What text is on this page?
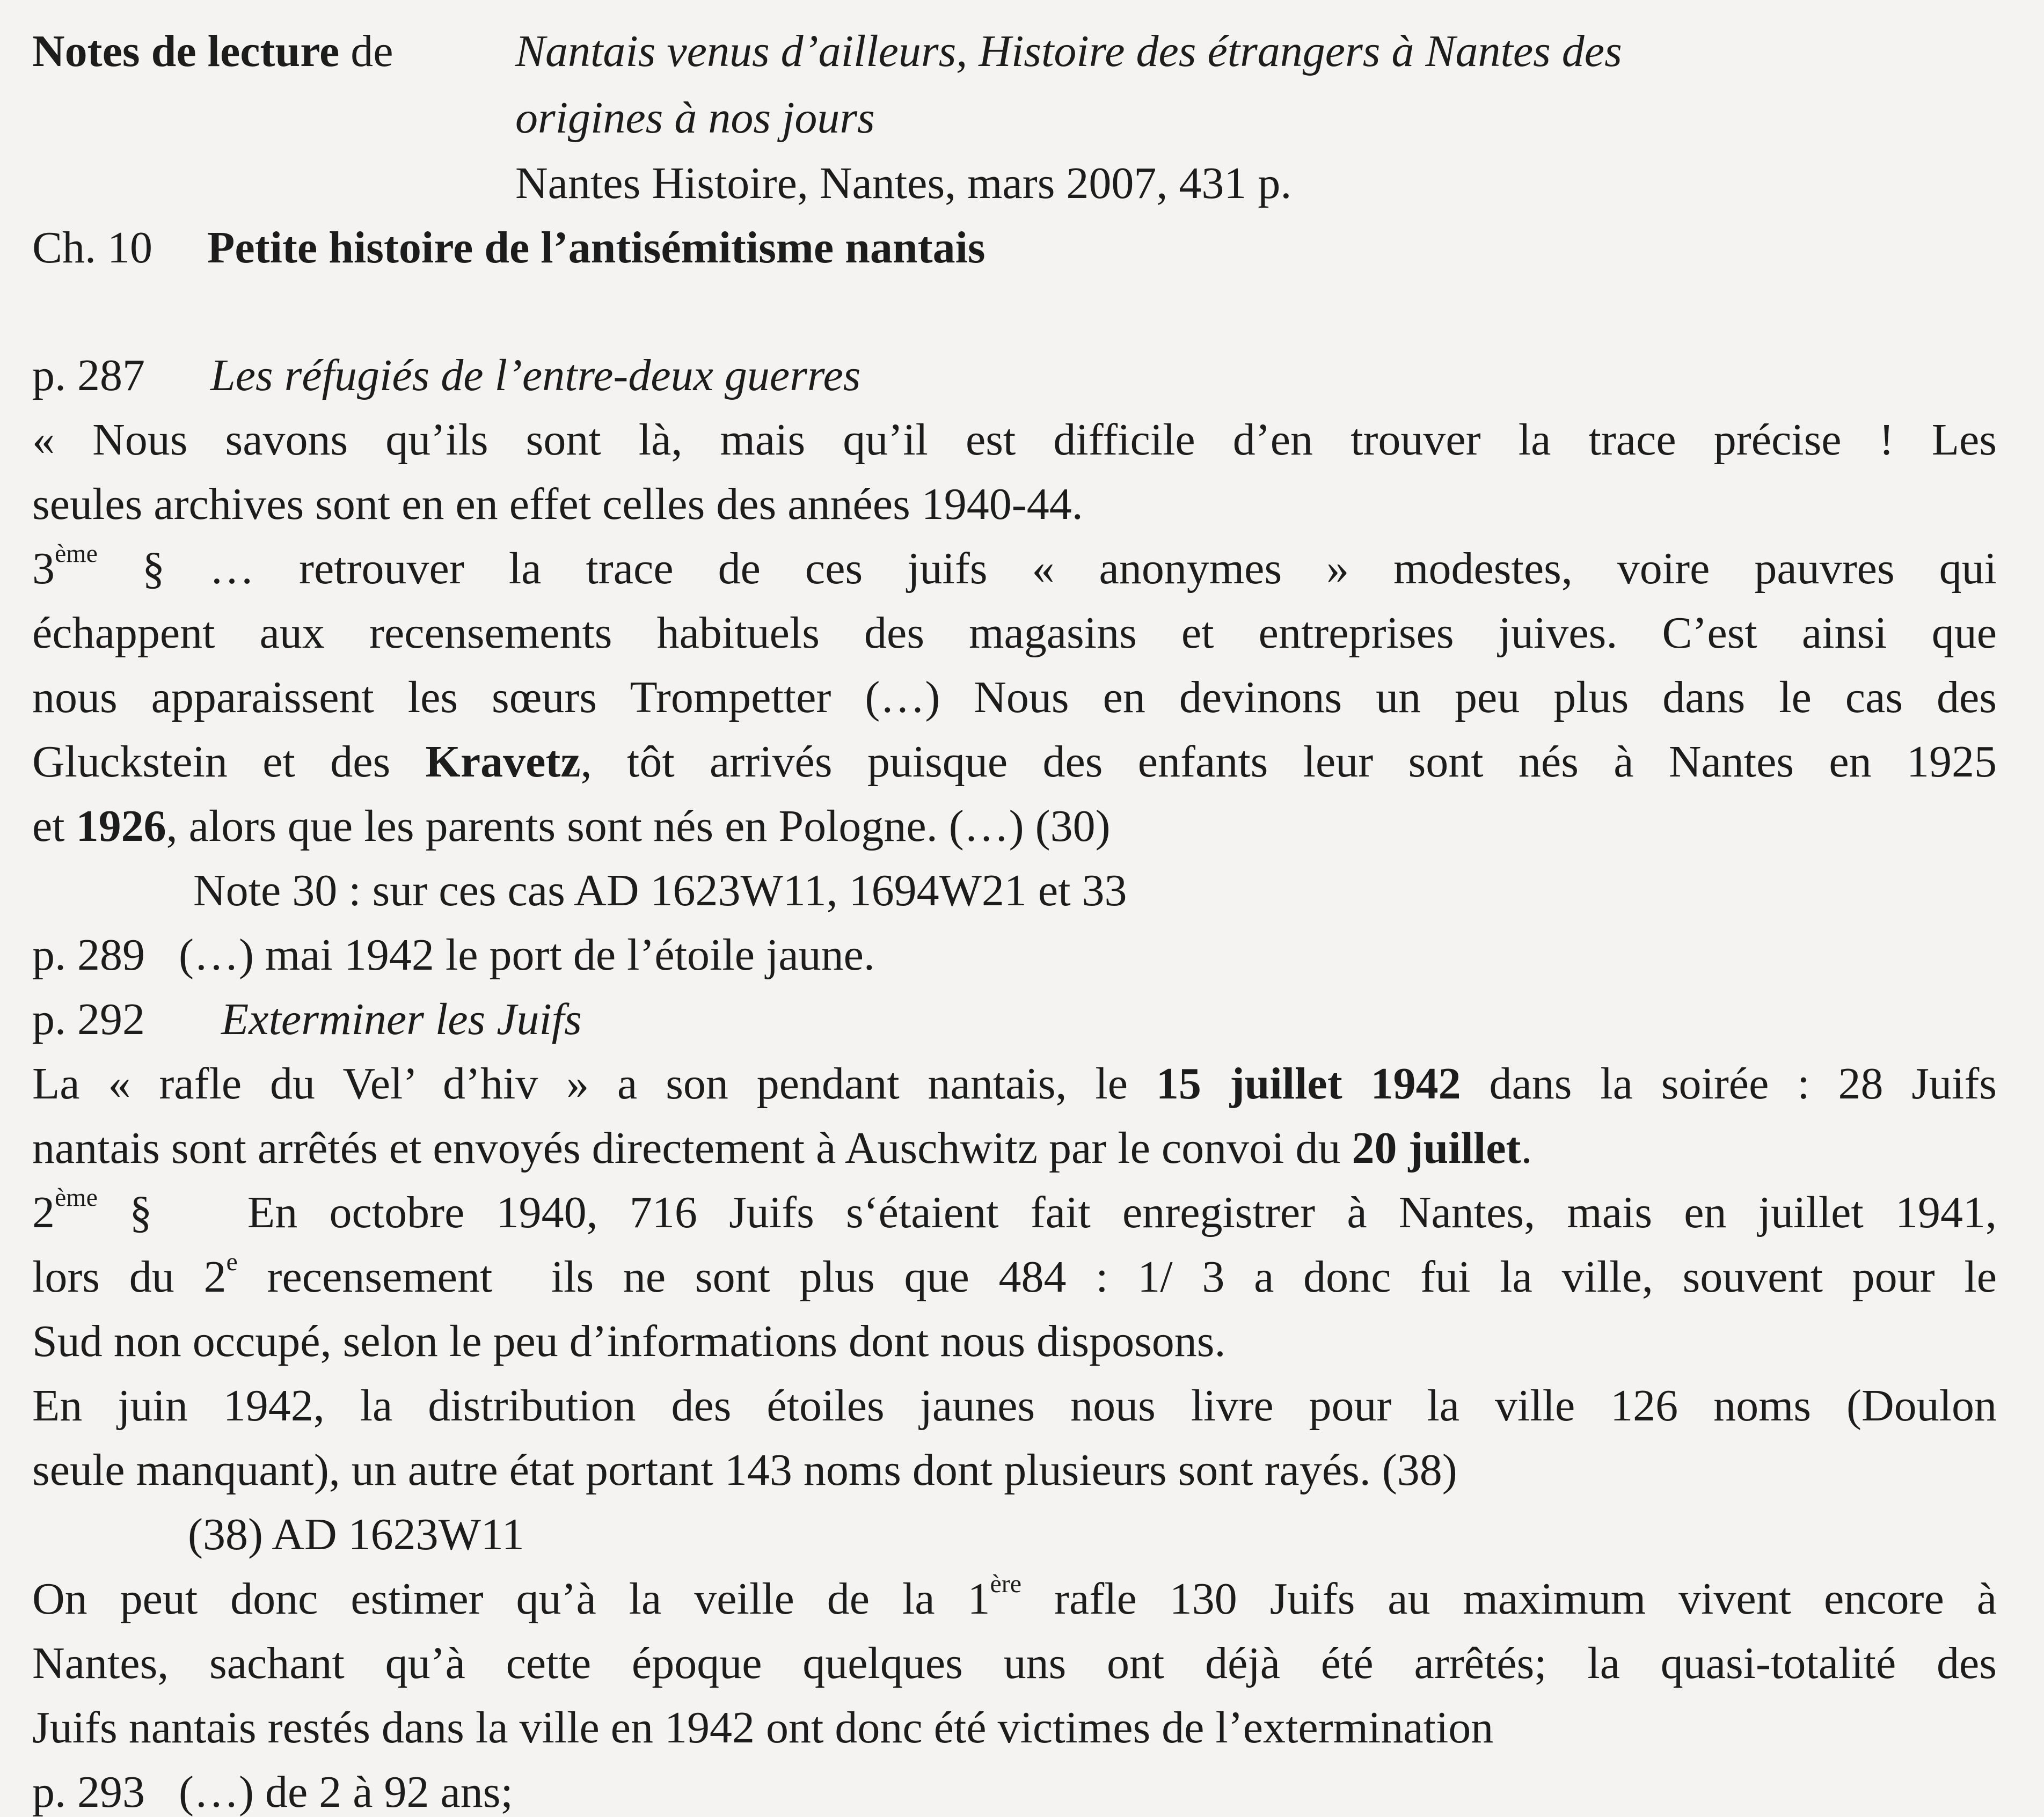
Notes de lecture de	Nantais venus d’ailleurs, Histoire des étrangers à Nantes des
origines à nos jours
Nantes Histoire, Nantes, mars 2007, 431 p.
Ch. 10 Petite histoire de l’antisémitisme nantais
p. 287 Les réfugiés de l’entre-deux guerres
« Nous savons qu’ils sont là, mais qu’il est difficile d’en trouver la trace précise ! Les
seules archives sont en en effet celles des années 1940-44.
3ème § … retrouver la trace de ces juifs « anonymes » modestes, voire pauvres qui
échappent aux recensements habituels des magasins et entreprises juives. C’est ainsi que
nous apparaissent les sœurs Trompetter (…) Nous en devinons un peu plus dans le cas des
Gluckstein et des Kravetz, tôt arrivés puisque des enfants leur sont nés à Nantes en 1925
et 1926, alors que les parents sont nés en Pologne. (…) (30)
Note 30 : sur ces cas AD 1623W11, 1694W21 et 33
p. 289   (…) mai 1942 le port de l’étoile jaune.
p. 292 Exterminer les Juifs
La « rafle du Vel’ d’hiv » a son pendant nantais, le 15 juillet 1942 dans la soirée : 28 Juifs
nantais sont arrêtés et envoyés directement à Auschwitz par le convoi du 20 juillet.
2ème §   En octobre 1940, 716 Juifs s‘étaient fait enregistrer à Nantes, mais en juillet 1941,
lors du 2e recensement  ils ne sont plus que 484 : 1/ 3 a donc fui la ville, souvent pour le
Sud non occupé, selon le peu d’informations dont nous disposons.
En juin 1942, la distribution des étoiles jaunes nous livre pour la ville 126 noms (Doulon
seule manquant), un autre état portant 143 noms dont plusieurs sont rayés. (38)
(38) AD 1623W11
On peut donc estimer qu’à la veille de la 1ère rafle 130 Juifs au maximum vivent encore à
Nantes, sachant qu’à cette époque quelques uns ont déjà été arrêtés; la quasi-totalité des
Juifs nantais restés dans la ville en 1942 ont donc été victimes de l’extermination
p. 293   (…) de 2 à 92 ans;
